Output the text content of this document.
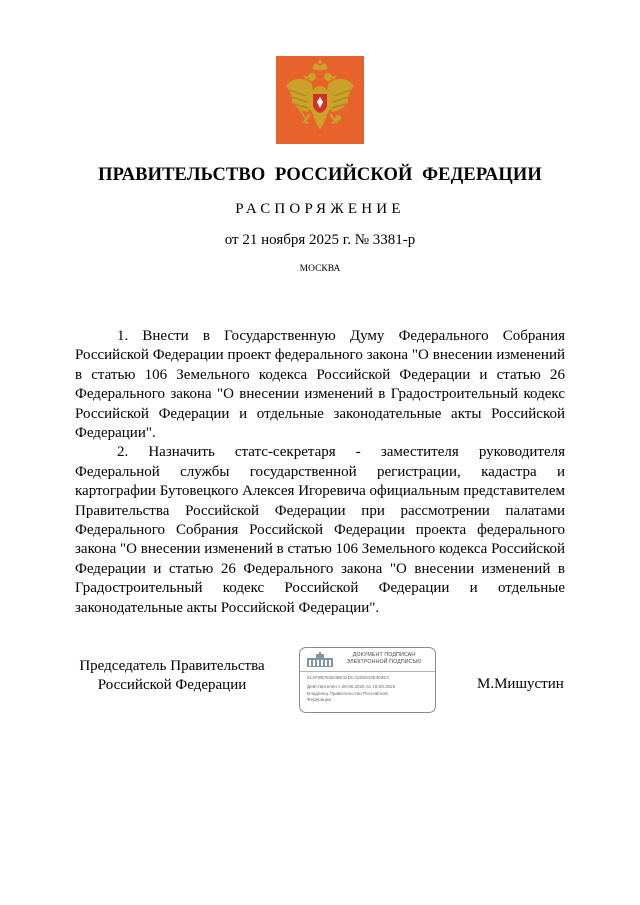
ПРАВИТЕЛЬСТВО РОССИЙСКОЙ ФЕДЕРАЦИИ
РАСПОРЯЖЕНИЕ
от 21 ноября 2025 г. № 3381-р
МОСКВА

1. Внести в Государственную Думу Федерального Собрания Российской Федерации проект федерального закона "О внесении изменений в статью 106 Земельного кодекса Российской Федерации и статью 26 Федерального закона "О внесении изменений в Градостроительный кодекс Российской Федерации и отдельные законодательные акты Российской Федерации".

2. Назначить статс-секретаря - заместителя руководителя Федеральной службы государственной регистрации, кадастра и картографии Бутовецкого Алексея Игоревича официальным представителем Правительства Российской Федерации при рассмотрении палатами Федерального Собрания Российской Федерации проекта федерального закона "О внесении изменений в статью 106 Земельного кодекса Российской Федерации и статью 26 Федерального закона "О внесении изменений в Градостроительный кодекс Российской Федерации и отдельные законодательные акты Российской Федерации".

Председатель Правительства
Российской Федерации
ДОКУМЕНТ ПОДПИСАН
ЭЛЕКТРОННОЙ ПОДПИСЬЮ
51AF8B781E06E42DC41E5043E303E3
Действителен с 26.06.2025 по 19.09.2026
Владелец Правительство Российской
Федерации
М.Мишустин
